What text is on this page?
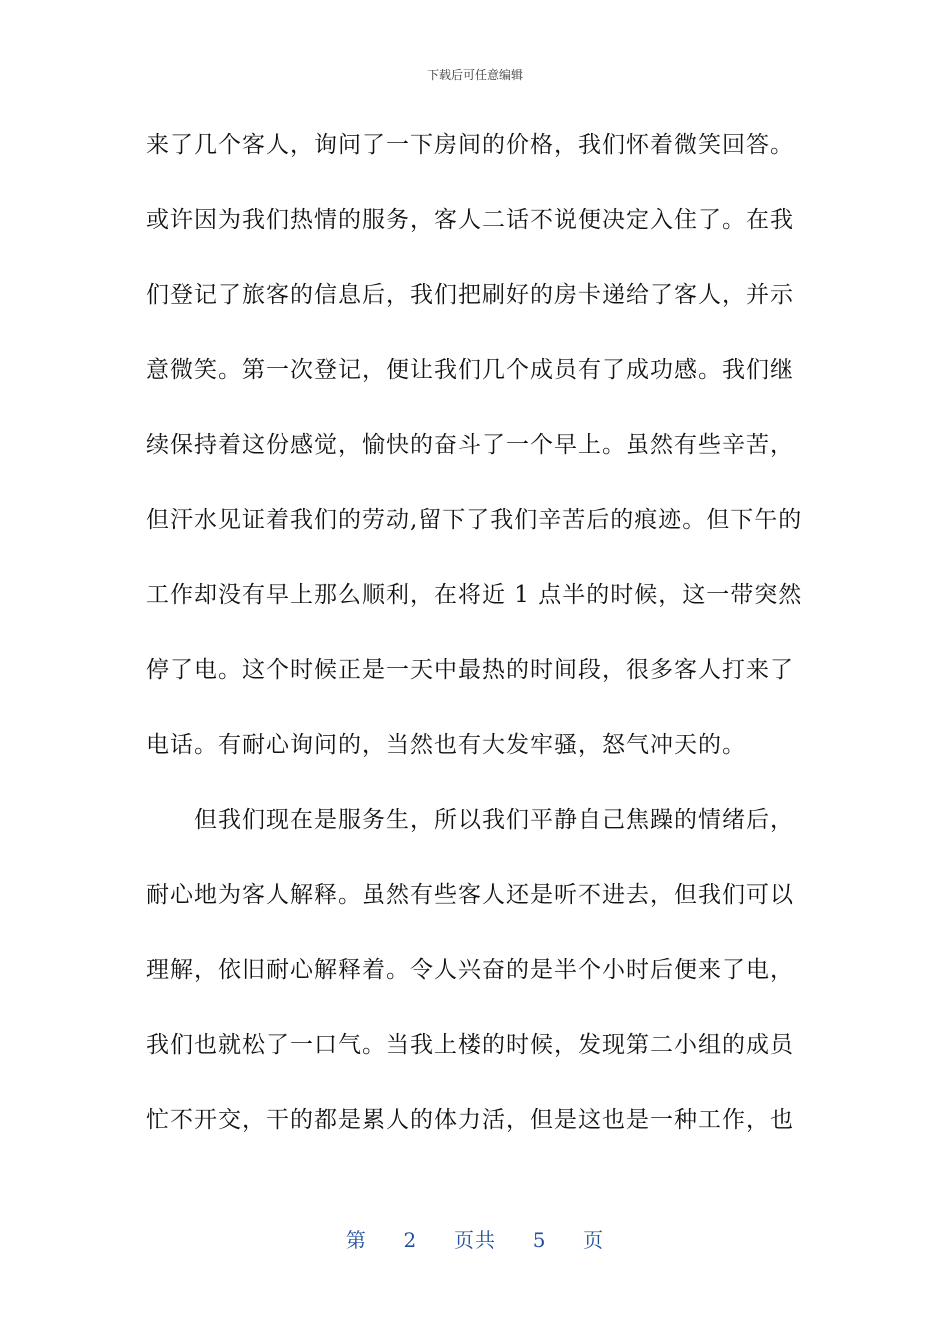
下载后可任意编辑
来了几个客人，询问了一下房间的价格，我们怀着微笑回答。
或许因为我们热情的服务，客人二话不说便决定入住了。在我
们登记了旅客的信息后，我们把刷好的房卡递给了客人，并示
意微笑。第一次登记，便让我们几个成员有了成功感。我们继
续保持着这份感觉，愉快的奋斗了一个早上。虽然有些辛苦，
但汗水见证着我们的劳动,留下了我们辛苦后的痕迹。但下午的
工作却没有早上那么顺利，在将近 1 点半的时候，这一带突然
停了电。这个时候正是一天中最热的时间段，很多客人打来了
电话。有耐心询问的，当然也有大发牢骚，怒气冲天的。
　　但我们现在是服务生，所以我们平静自己焦躁的情绪后，
耐心地为客人解释。虽然有些客人还是听不进去，但我们可以
理解，依旧耐心解释着。令人兴奋的是半个小时后便来了电，
我们也就松了一口气。当我上楼的时候，发现第二小组的成员
忙不开交，干的都是累人的体力活，但是这也是一种工作，也
第 2 页共 5 页
